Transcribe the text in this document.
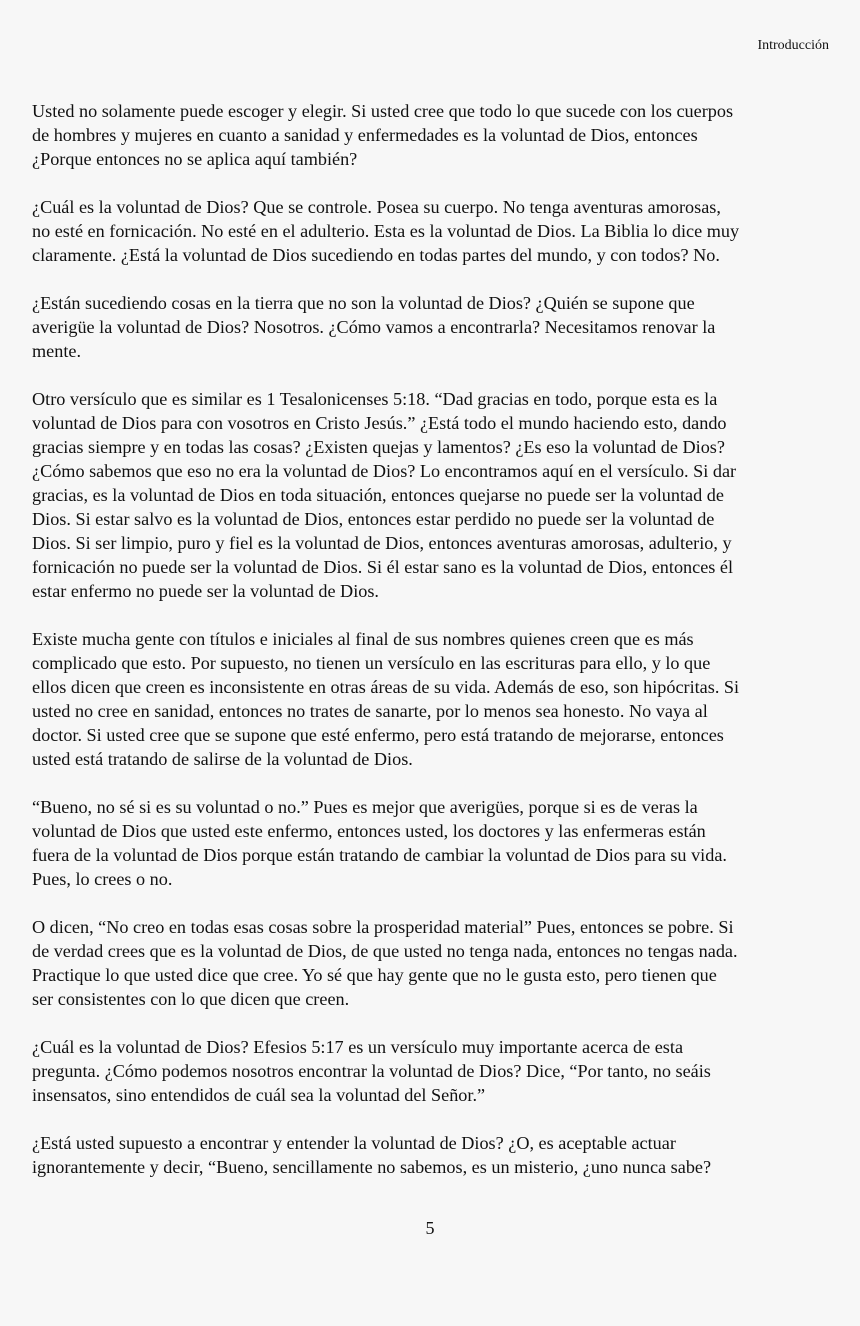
Introducción
Usted no solamente puede escoger y elegir. Si usted cree que todo lo que sucede con los cuerpos
de hombres y mujeres en cuanto a sanidad y enfermedades es la voluntad de Dios, entonces
¿Porque entonces no se aplica aquí también?
¿Cuál es la voluntad de Dios? Que se controle. Posea su cuerpo. No tenga aventuras amorosas,
no esté en fornicación. No esté en el adulterio. Esta es la voluntad de Dios. La Biblia lo dice muy
claramente. ¿Está la voluntad de Dios sucediendo en todas partes del mundo, y con todos? No.
¿Están sucediendo cosas en la tierra que no son la voluntad de Dios? ¿Quién se supone que
averigüe la voluntad de Dios? Nosotros. ¿Cómo vamos a encontrarla? Necesitamos renovar la
mente.
Otro versículo que es similar es 1 Tesalonicenses 5:18. “Dad gracias en todo, porque esta es la
voluntad de Dios para con vosotros en Cristo Jesús.” ¿Está todo el mundo haciendo esto, dando
gracias siempre y en todas las cosas? ¿Existen quejas y lamentos? ¿Es eso la voluntad de Dios?
¿Cómo sabemos que eso no era la voluntad de Dios? Lo encontramos aquí en el versículo. Si dar
gracias, es la voluntad de Dios en toda situación, entonces quejarse no puede ser la voluntad de
Dios. Si estar salvo es la voluntad de Dios, entonces estar perdido no puede ser la voluntad de
Dios. Si ser limpio, puro y fiel es la voluntad de Dios, entonces aventuras amorosas, adulterio, y
fornicación no puede ser la voluntad de Dios. Si él estar sano es la voluntad de Dios, entonces él
estar enfermo no puede ser la voluntad de Dios.
Existe mucha gente con títulos e iniciales al final de sus nombres quienes creen que es más
complicado que esto. Por supuesto, no tienen un versículo en las escrituras para ello, y lo que
ellos dicen que creen es inconsistente en otras áreas de su vida. Además de eso, son hipócritas. Si
usted no cree en sanidad, entonces no trates de sanarte, por lo menos sea honesto. No vaya al
doctor. Si usted cree que se supone que esté enfermo, pero está tratando de mejorarse, entonces
usted está tratando de salirse de la voluntad de Dios.
“Bueno, no sé si es su voluntad o no.” Pues es mejor que averigües, porque si es de veras la
voluntad de Dios que usted este enfermo, entonces usted, los doctores y las enfermeras están
fuera de la voluntad de Dios porque están tratando de cambiar la voluntad de Dios para su vida.
Pues, lo crees o no.
O dicen, “No creo en todas esas cosas sobre la prosperidad material” Pues, entonces se pobre. Si
de verdad crees que es la voluntad de Dios, de que usted no tenga nada, entonces no tengas nada.
Practique lo que usted dice que cree. Yo sé que hay gente que no le gusta esto, pero tienen que
ser consistentes con lo que dicen que creen.
¿Cuál es la voluntad de Dios? Efesios 5:17 es un versículo muy importante acerca de esta
pregunta. ¿Cómo podemos nosotros encontrar la voluntad de Dios? Dice, “Por tanto, no seáis
insensatos, sino entendidos de cuál sea la voluntad del Señor.”
¿Está usted supuesto a encontrar y entender la voluntad de Dios? ¿O, es aceptable actuar
ignorantemente y decir, “Bueno, sencillamente no sabemos, es un misterio, ¿uno nunca sabe?
5
